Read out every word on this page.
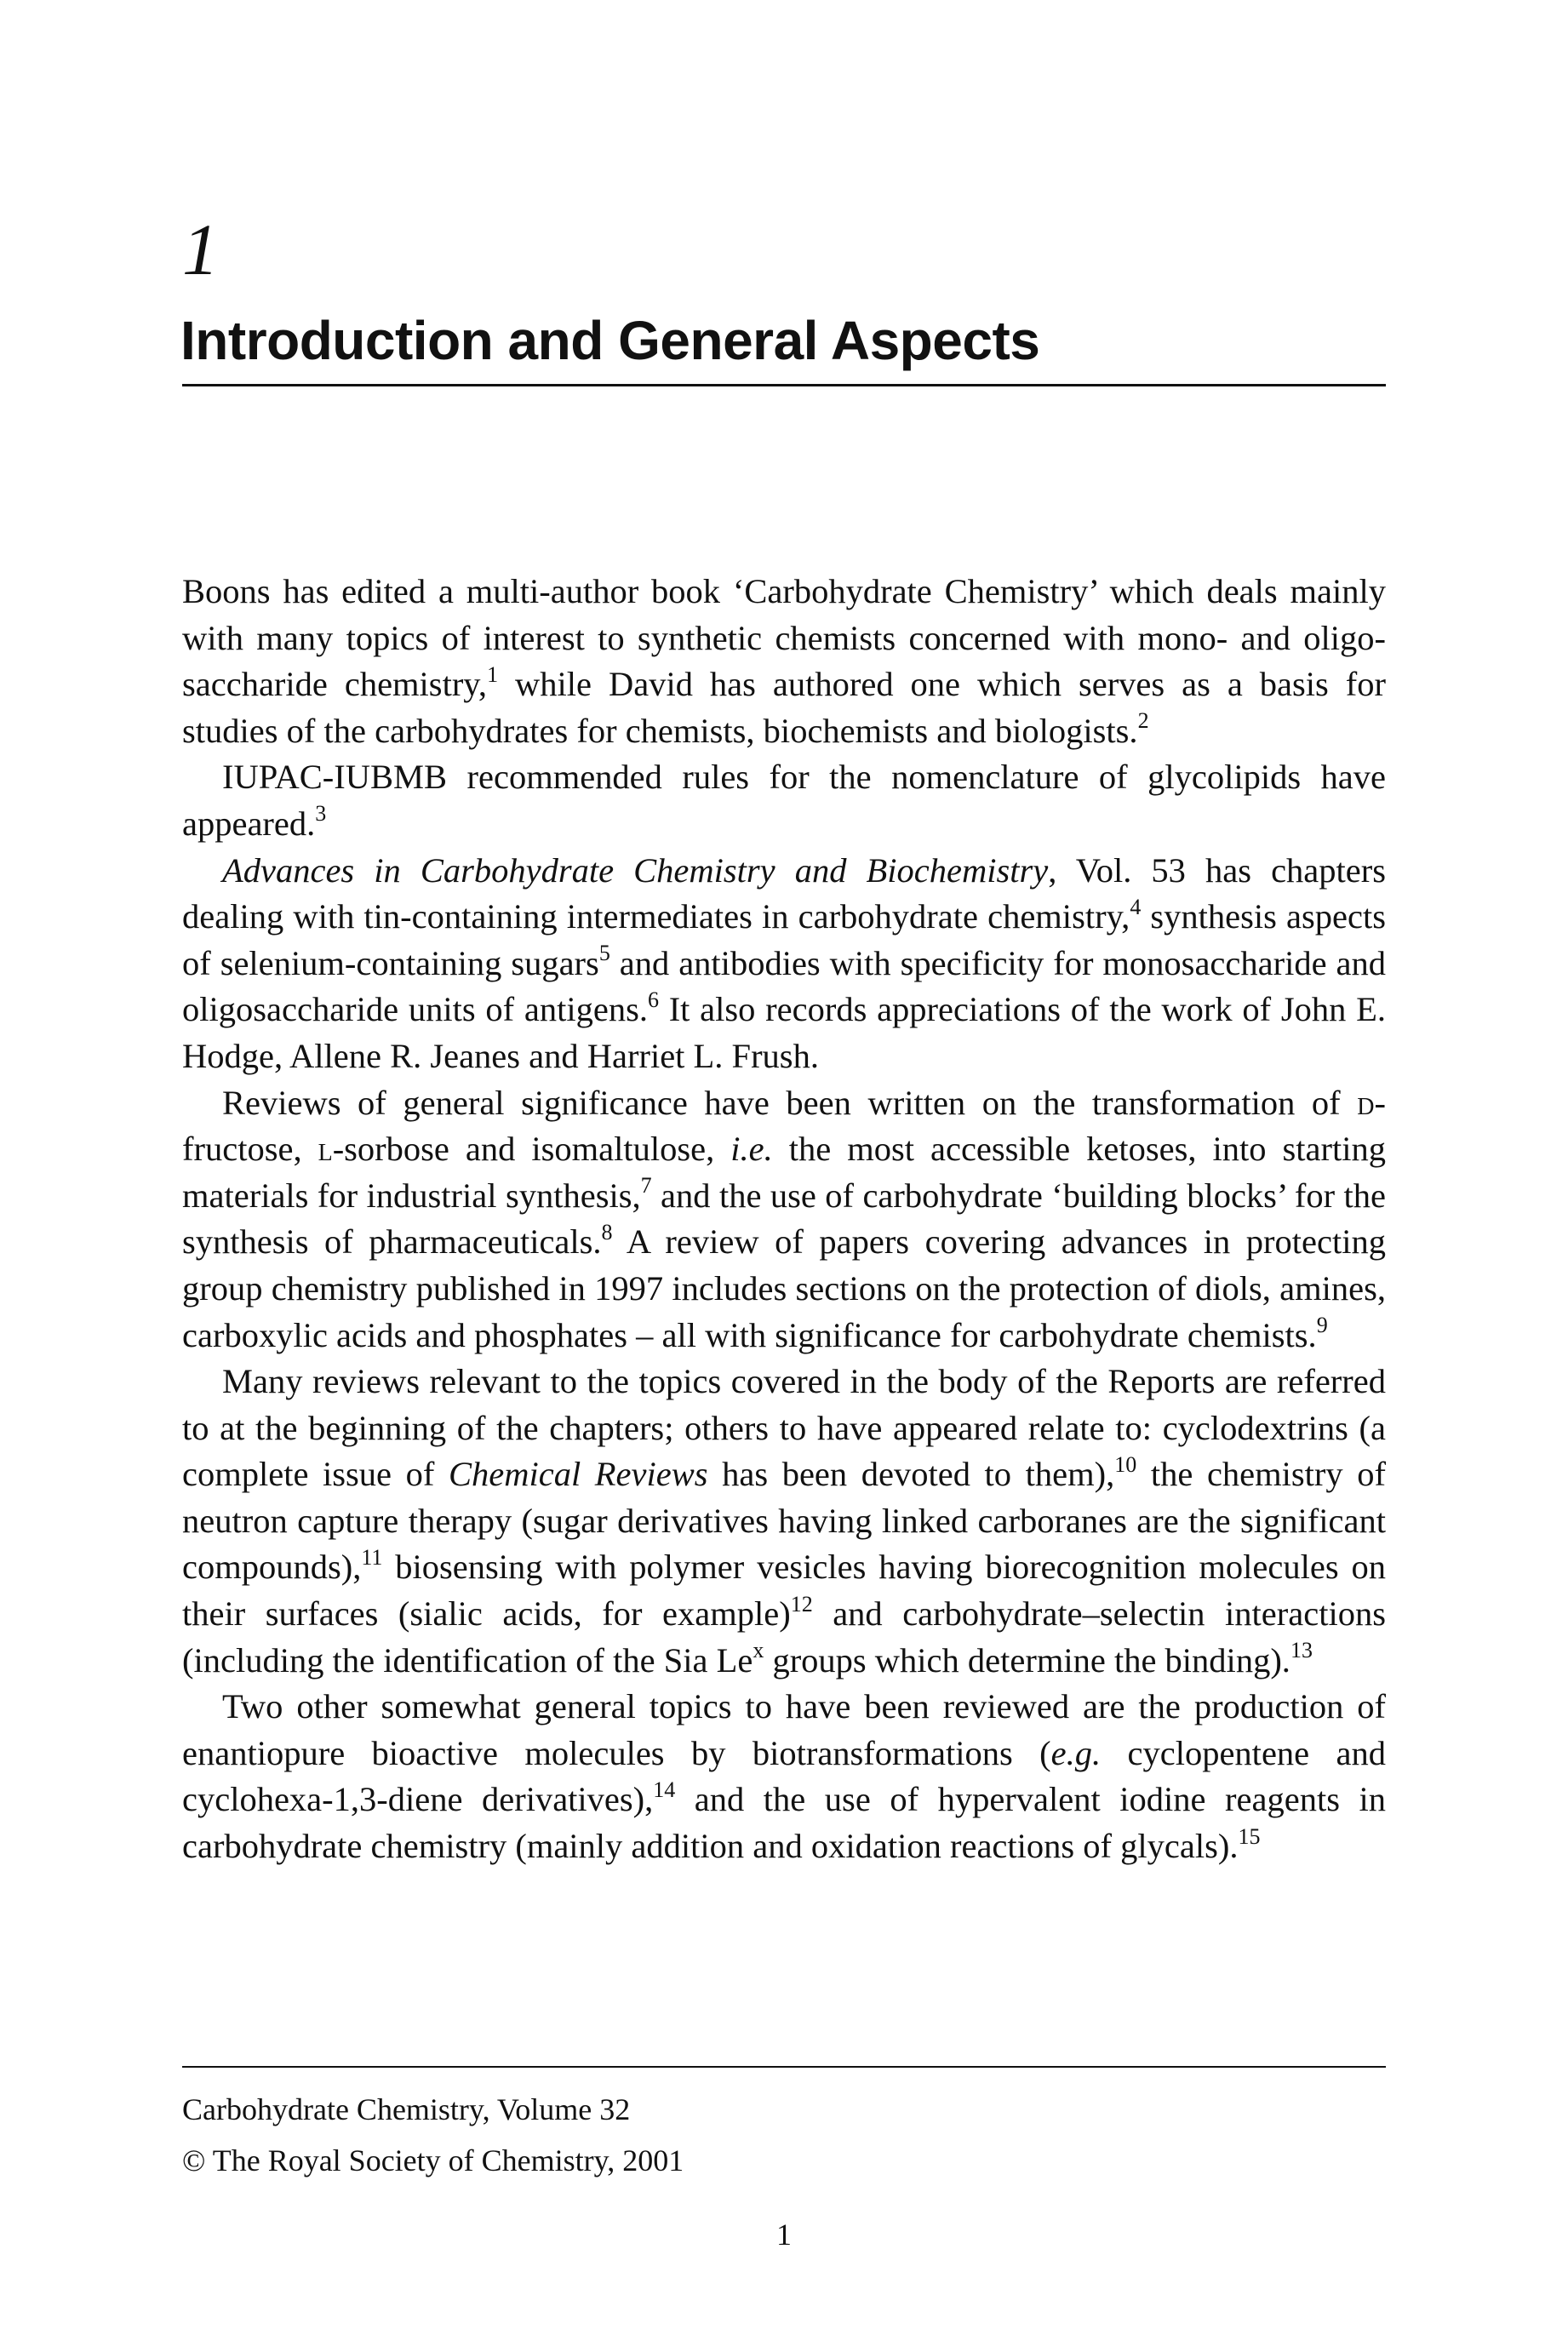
1
Introduction and General Aspects

Boons has edited a multi-author book ‘Carbohydrate Chemistry’ which deals mainly with many topics of interest to synthetic chemists concerned with mono- and oligo-saccharide chemistry,$^1$ while David has authored one which serves as a basis for studies of the carbohydrates for chemists, biochemists and biologists.$^2$

IUPAC-IUBMB recommended rules for the nomenclature of glycolipids have appeared.$^3$

Advances in Carbohydrate Chemistry and Biochemistry, Vol. 53 has chapters dealing with tin-containing intermediates in carbohydrate chemistry,$^4$ synthesis aspects of selenium-containing sugars$^5$ and antibodies with specificity for monosaccharide and oligosaccharide units of antigens.$^6$ It also records appreciations of the work of John E. Hodge, Allene R. Jeanes and Harriet L. Frush.

Reviews of general significance have been written on the transformation of d-fructose, l-sorbose and isomaltulose, i.e. the most accessible ketoses, into starting materials for industrial synthesis,$^7$ and the use of carbohydrate ‘building blocks’ for the synthesis of pharmaceuticals.$^8$ A review of papers covering advances in protecting group chemistry published in 1997 includes sections on the protection of diols, amines, carboxylic acids and phosphates – all with significance for carbohydrate chemists.$^9$

Many reviews relevant to the topics covered in the body of the Reports are referred to at the beginning of the chapters; others to have appeared relate to: cyclodextrins (a complete issue of Chemical Reviews has been devoted to them),$^{10}$ the chemistry of neutron capture therapy (sugar derivatives having linked carboranes are the significant compounds),$^{11}$ biosensing with polymer vesicles having biorecognition molecules on their surfaces (sialic acids, for example)$^{12}$ and carbohydrate–selectin interactions (including the identification of the Sia Le$^x$ groups which determine the binding).$^{13}$

Two other somewhat general topics to have been reviewed are the production of enantiopure bioactive molecules by biotransformations (e.g. cyclopentene and cyclohexa-1,3-diene derivatives),$^{14}$ and the use of hypervalent iodine reagents in carbohydrate chemistry (mainly addition and oxidation reactions of glycals).$^{15}$

Carbohydrate Chemistry, Volume 32
© The Royal Society of Chemistry, 2001
1
